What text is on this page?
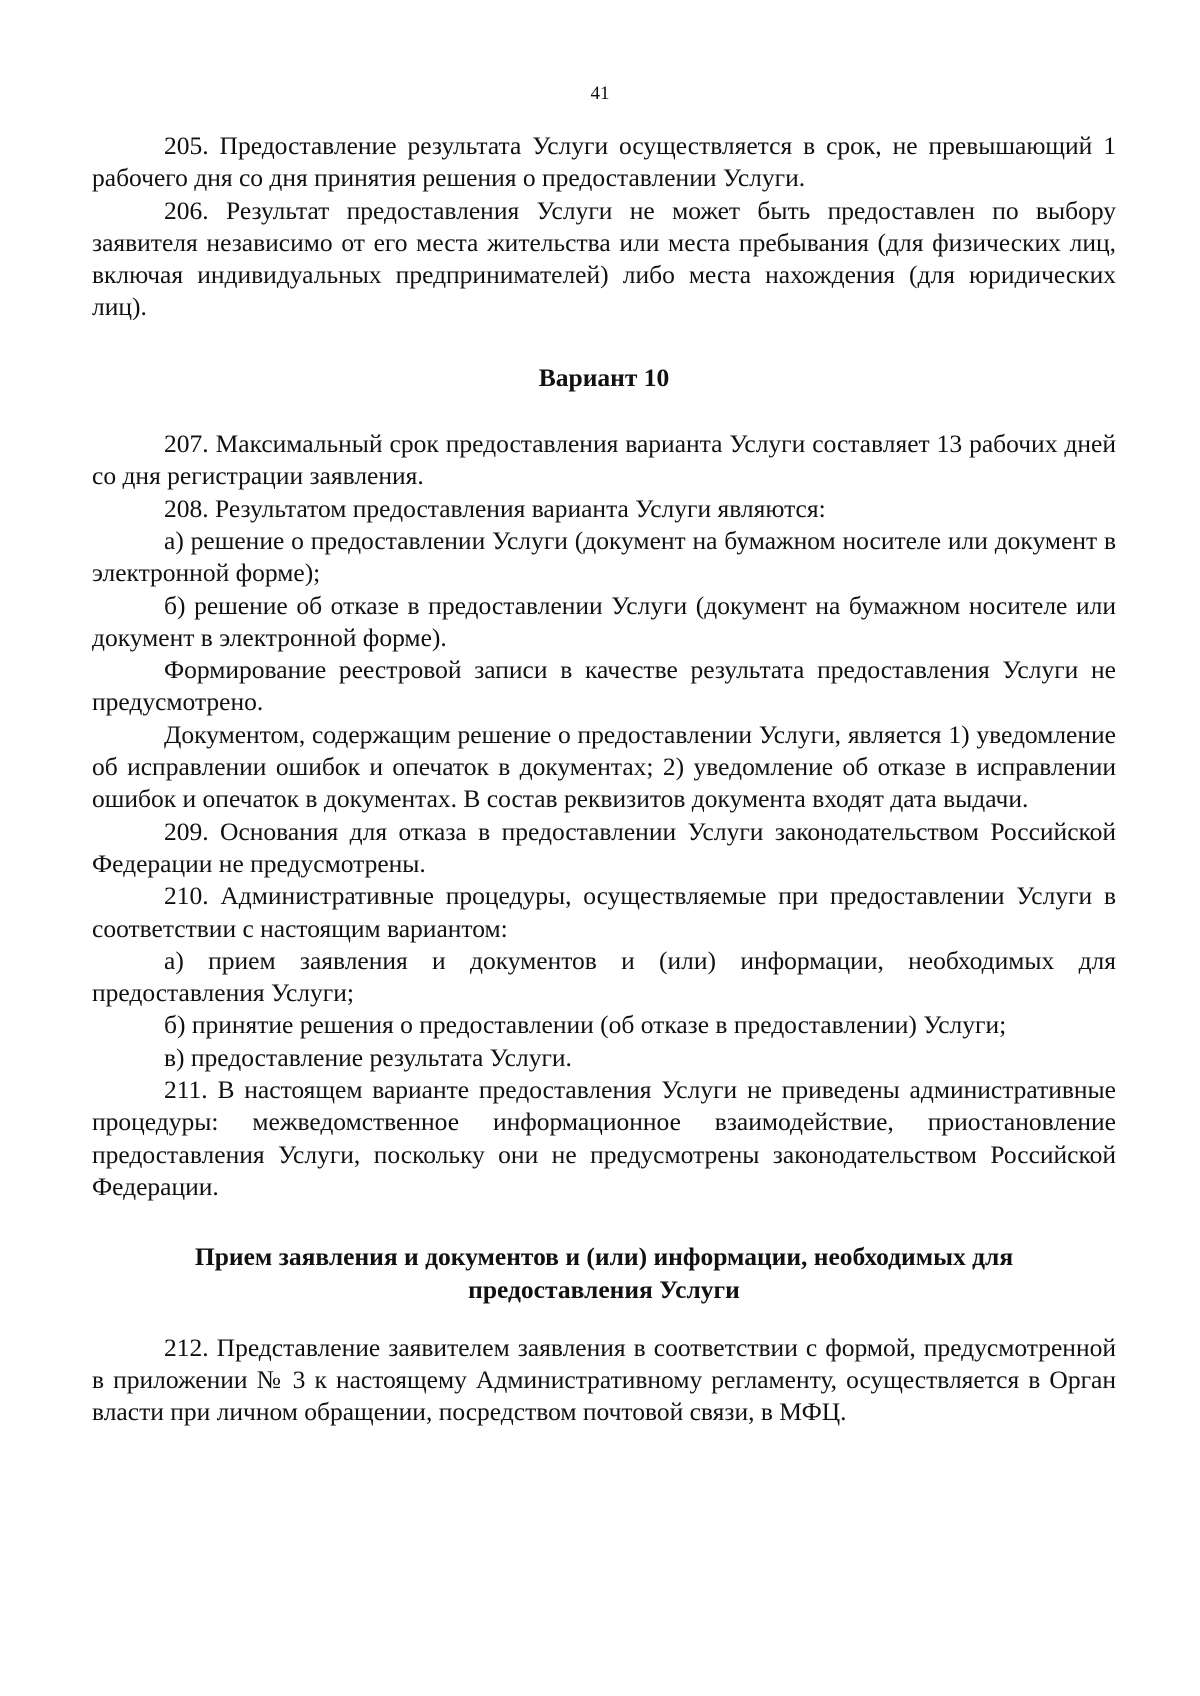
41

205. Предоставление результата Услуги осуществляется в срок, не превышающий 1 рабочего дня со дня принятия решения о предоставлении Услуги.

206. Результат предоставления Услуги не может быть предоставлен по выбору заявителя независимо от его места жительства или места пребывания (для физических лиц, включая индивидуальных предпринимателей) либо места нахождения (для юридических лиц).

Вариант 10

207. Максимальный срок предоставления варианта Услуги составляет 13 рабочих дней со дня регистрации заявления.

208. Результатом предоставления варианта Услуги являются:

а) решение о предоставлении Услуги (документ на бумажном носителе или документ в электронной форме);

б) решение об отказе в предоставлении Услуги (документ на бумажном носителе или документ в электронной форме).

Формирование реестровой записи в качестве результата предоставления Услуги не предусмотрено.

Документом, содержащим решение о предоставлении Услуги, является 1) уведомление об исправлении ошибок и опечаток в документах; 2) уведомление об отказе в исправлении ошибок и опечаток в документах. В состав реквизитов документа входят дата выдачи.

209. Основания для отказа в предоставлении Услуги законодательством Российской Федерации не предусмотрены.

210. Административные процедуры, осуществляемые при предоставлении Услуги в соответствии с настоящим вариантом:

а) прием заявления и документов и (или) информации, необходимых для предоставления Услуги;

б) принятие решения о предоставлении (об отказе в предоставлении) Услуги;

в) предоставление результата Услуги.

211. В настоящем варианте предоставления Услуги не приведены административные процедуры: межведомственное информационное взаимодействие, приостановление предоставления Услуги, поскольку они не предусмотрены законодательством Российской Федерации.

Прием заявления и документов и (или) информации, необходимых для
предоставления Услуги

212. Представление заявителем заявления в соответствии с формой, предусмотренной в приложении № 3 к настоящему Административному регламенту, осуществляется в Орган власти при личном обращении, посредством почтовой связи, в МФЦ.
